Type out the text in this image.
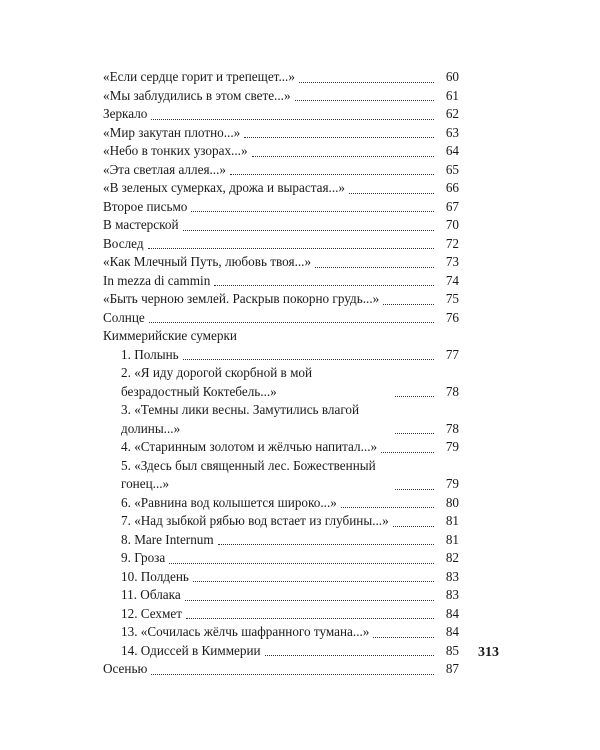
«Если сердце горит и трепещет...»	60
«Мы заблудились в этом свете...»	61
Зеркало	62
«Мир закутан плотно...»	63
«Небо в тонких узорах...»	64
«Эта светлая аллея...»	65
«В зеленых сумерках, дрожа и вырастая...»	66
Второе письмо	67
В мастерской	70
Вослед	72
«Как Млечный Путь, любовь твоя...»	73
In mezza di cammin	74
«Быть черною землей. Раскрыв покорно грудь...»	75
Солнце	76
Киммерийские сумерки
1. Полынь	77
2. «Я иду дорогой скорбной в мой безрадостный Коктебель...»	78
3. «Темны лики весны. Замутились влагой долины...»	78
4. «Старинным золотом и жёлчью напитал...»	79
5. «Здесь был священный лес. Божественный гонец...»	79
6. «Равнина вод колышется широко...»	80
7. «Над зыбкой рябью вод встает из глубины...»	81
8. Mare Internum	81
9. Гроза	82
10. Полдень	83
11. Облака	83
12. Сехмет	84
13. «Сочилась жёлчь шафранного тумана...»	84
14. Одиссей в Киммерии	85
Осенью	87
313
